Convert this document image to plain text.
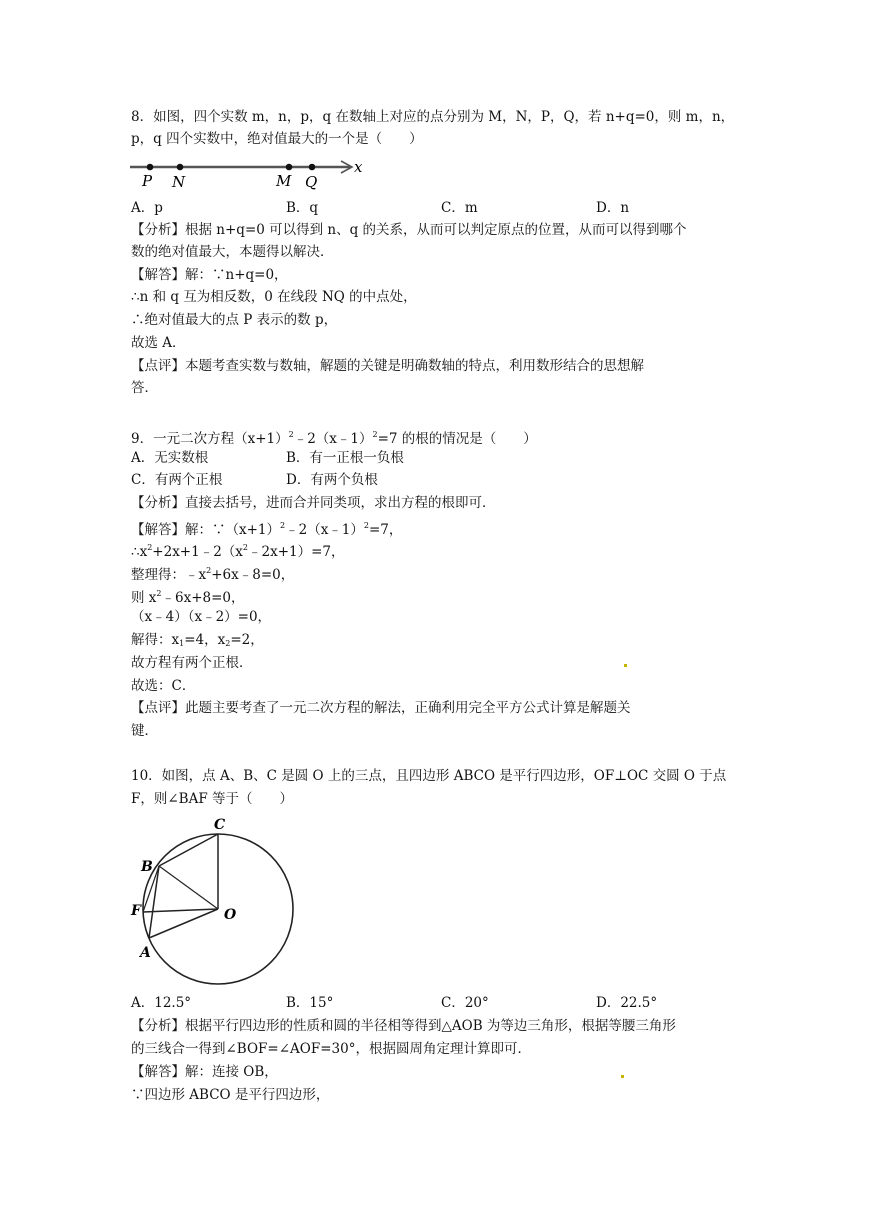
8．如图，四个实数 m，n，p，q 在数轴上对应的点分别为 M，N，P，Q，若 n+q=0，则 m，n，
p，q 四个实数中，绝对值最大的一个是（　　）
P N	M Q
x
A．p	B．q	C．m	D．n
【分析】根据 n+q=0 可以得到 n、q 的关系，从而可以判定原点的位置，从而可以得到哪个
数的绝对值最大，本题得以解决．
【解答】解：∵n+q=0，
∴n 和 q 互为相反数，0 在线段 NQ 的中点处，
∴绝对值最大的点 P 表示的数 p，
故选 A．
【点评】本题考查实数与数轴，解题的关键是明确数轴的特点，利用数形结合的思想解
答．
9．一元二次方程$(x+1)^2﹣2(x﹣1)^2=7$ 的根的情况是（　　）
A．无实数根	B．有一正根一负根
C．有两个正根	D．有两个负根
【分析】直接去括号，进而合并同类项，求出方程的根即可．
【解答】解：$\because(x+1)^2﹣2(x﹣1)^2=7$，
$\therefore x^2+2x+1﹣2(x^2﹣2x+1)=7$，
整理得：$﹣x^2+6x﹣8=0$，
则 $x^2﹣6x+8=0$，
（x﹣4）（x﹣2）=0，
解得：$x_1=4$，$x_2=2$，
故方程有两个正根．
故选：C．
【点评】此题主要考查了一元二次方程的解法，正确利用完全平方公式计算是解题关
键．
10．如图，点 A、B、C 是圆 O 上的三点，且四边形 ABCO 是平行四边形，OF⊥OC 交圆 O 于点
F，则∠BAF 等于（　　）
C
B
F	O
A
A．12.5°	B．15°	C．20°	D．22.5°
【分析】根据平行四边形的性质和圆的半径相等得到△AOB 为等边三角形，根据等腰三角形
的三线合一得到∠BOF=∠AOF=30°，根据圆周角定理计算即可．
【解答】解：连接 OB，
∵四边形 ABCO 是平行四边形，
